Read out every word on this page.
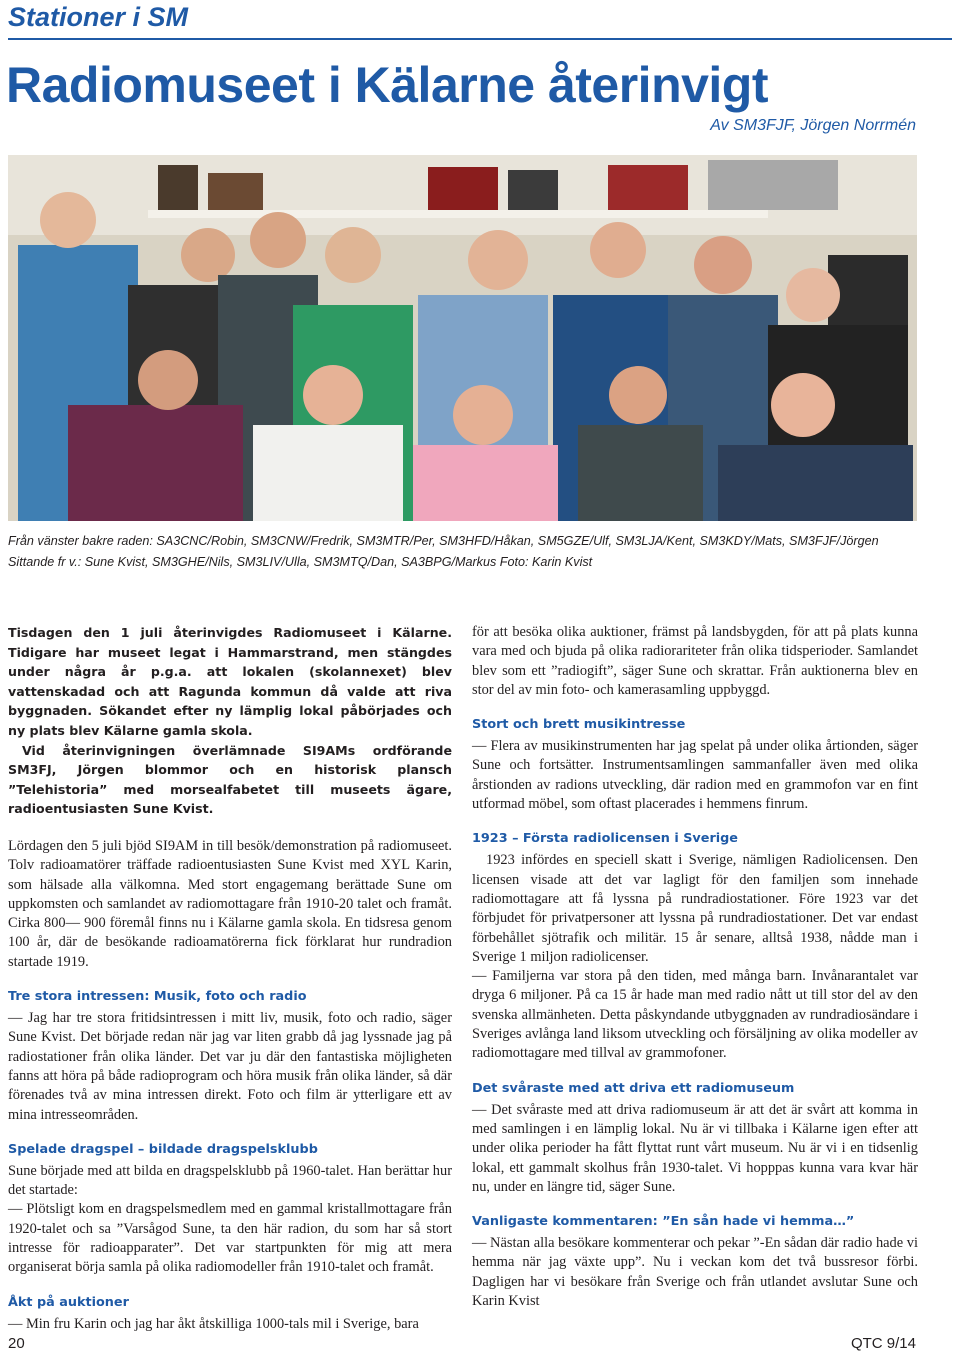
Stationer i SM
Radiomuseet i Kälarne återinvigt
Av SM3FJF, Jörgen Norrmén
Från vänster bakre raden: SA3CNC/Robin, SM3CNW/Fredrik, SM3MTR/Per, SM3HFD/Håkan, SM5GZE/Ulf, SM3LJA/Kent, SM3KDY/Mats, SM3FJF/Jörgen Sittande fr v.: Sune Kvist, SM3GHE/Nils, SM3LIV/Ulla, SM3MTQ/Dan, SA3BPG/Markus Foto: Karin Kvist

Tisdagen den 1 juli återinvigdes Radiomuseet i Kälarne. Tidigare har museet legat i Hammarstrand, men stängdes under några år p.g.a. att lokalen (skolannexet) blev vattenskadad och att Ragunda kommun då valde att riva byggnaden. Sökandet efter ny lämplig lokal påbörjades och ny plats blev Kälarne gamla skola.

Vid återinvigningen överlämnade SI9AMs ordförande SM3FJ, Jörgen blommor och en historisk plansch ”Telehistoria” med morsealfabetet till museets ägare, radioentusiasten Sune Kvist.

Lördagen den 5 juli bjöd SI9AM in till besök/demonstration på radiomuseet. Tolv radioamatörer träffade radioentusiasten Sune Kvist med XYL Karin, som hälsade alla välkomna. Med stort engagemang berättade Sune om uppkomsten och samlandet av radiomottagare från 1910-20 talet och framåt. Cirka 800— 900 föremål finns nu i Kälarne gamla skola. En tidsresa genom 100 år, där de besökande radioamatörerna fick förklarat hur rundradion startade 1919.

Tre stora intressen: Musik, foto och radio

— Jag har tre stora fritidsintressen i mitt liv, musik, foto och radio, säger Sune Kvist. Det började redan när jag var liten grabb då jag lyssnade jag på radiostationer från olika länder. Det var ju där den fantastiska möjligheten fanns att höra på både radioprogram och höra musik från olika länder, så där förenades två av mina intressen direkt. Foto och film är ytterligare ett av mina intresseområden.

Spelade dragspel – bildade dragspelsklubb

Sune började med att bilda en dragspelsklubb på 1960-talet. Han berättar hur det startade:

— Plötsligt kom en dragspelsmedlem med en gammal kristallmottagare från 1920-talet och sa ”Varsågod Sune, ta den här radion, du som har så stort intresse för radioapparater”. Det var startpunkten för mig att mera organiserat börja samla på olika radiomodeller från 1910-talet och framåt.

Åkt på auktioner

— Min fru Karin och jag har åkt åtskilliga 1000-tals mil i Sverige, bara

för att besöka olika auktioner, främst på landsbygden, för att på plats kunna vara med och bjuda på olika radiorariteter från olika tidsperioder. Samlandet blev som ett ”radiogift”, säger Sune och skrattar. Från auktionerna blev en stor del av min foto- och kamerasamling uppbyggd.

Stort och brett musikintresse

— Flera av musikinstrumenten har jag spelat på under olika årtionden, säger Sune och fortsätter. Instrumentsamlingen sammanfaller även med olika årstionden av radions utveckling, där radion med en grammofon var en fint utformad möbel, som oftast placerades i hemmens finrum.

1923 – Första radiolicensen i Sverige

1923 infördes en speciell skatt i Sverige, nämligen Radiolicensen. Den licensen visade att det var lagligt för den familjen som innehade radiomottagare att få lyssna på rundradiostationer. Före 1923 var det förbjudet för privatpersoner att lyssna på rundradiostationer. Det var endast förbehållet sjötrafik och militär. 15 år senare, alltså 1938, nådde man i Sverige 1 miljon radiolicenser.

— Familjerna var stora på den tiden, med många barn. Invånarantalet var dryga 6 miljoner. På ca 15 år hade man med radio nått ut till stor del av den svenska allmänheten. Detta påskyndande utbyggnaden av rundradiosändare i Sveriges avlånga land liksom utveckling och försäljning av olika modeller av radiomottagare med tillval av grammofoner.

Det svåraste med att driva ett radiomuseum

— Det svåraste med att driva radiomuseum är att det är svårt att komma in med samlingen i en lämplig lokal. Nu är vi tillbaka i Kälarne igen efter att under olika perioder ha fått flyttat runt vårt museum. Nu är vi i en tidsenlig lokal, ett gammalt skolhus från 1930-talet. Vi hopppas kunna vara kvar här nu, under en längre tid, säger Sune.

Vanligaste kommentaren: ”En sån hade vi hemma…”

— Nästan alla besökare kommenterar och pekar ”-En sådan där radio hade vi hemma när jag växte upp”. Nu i veckan kom det två bussresor förbi. Dagligen har vi besökare från Sverige och från utlandet avslutar Sune och Karin Kvist

20	QTC 9/14
